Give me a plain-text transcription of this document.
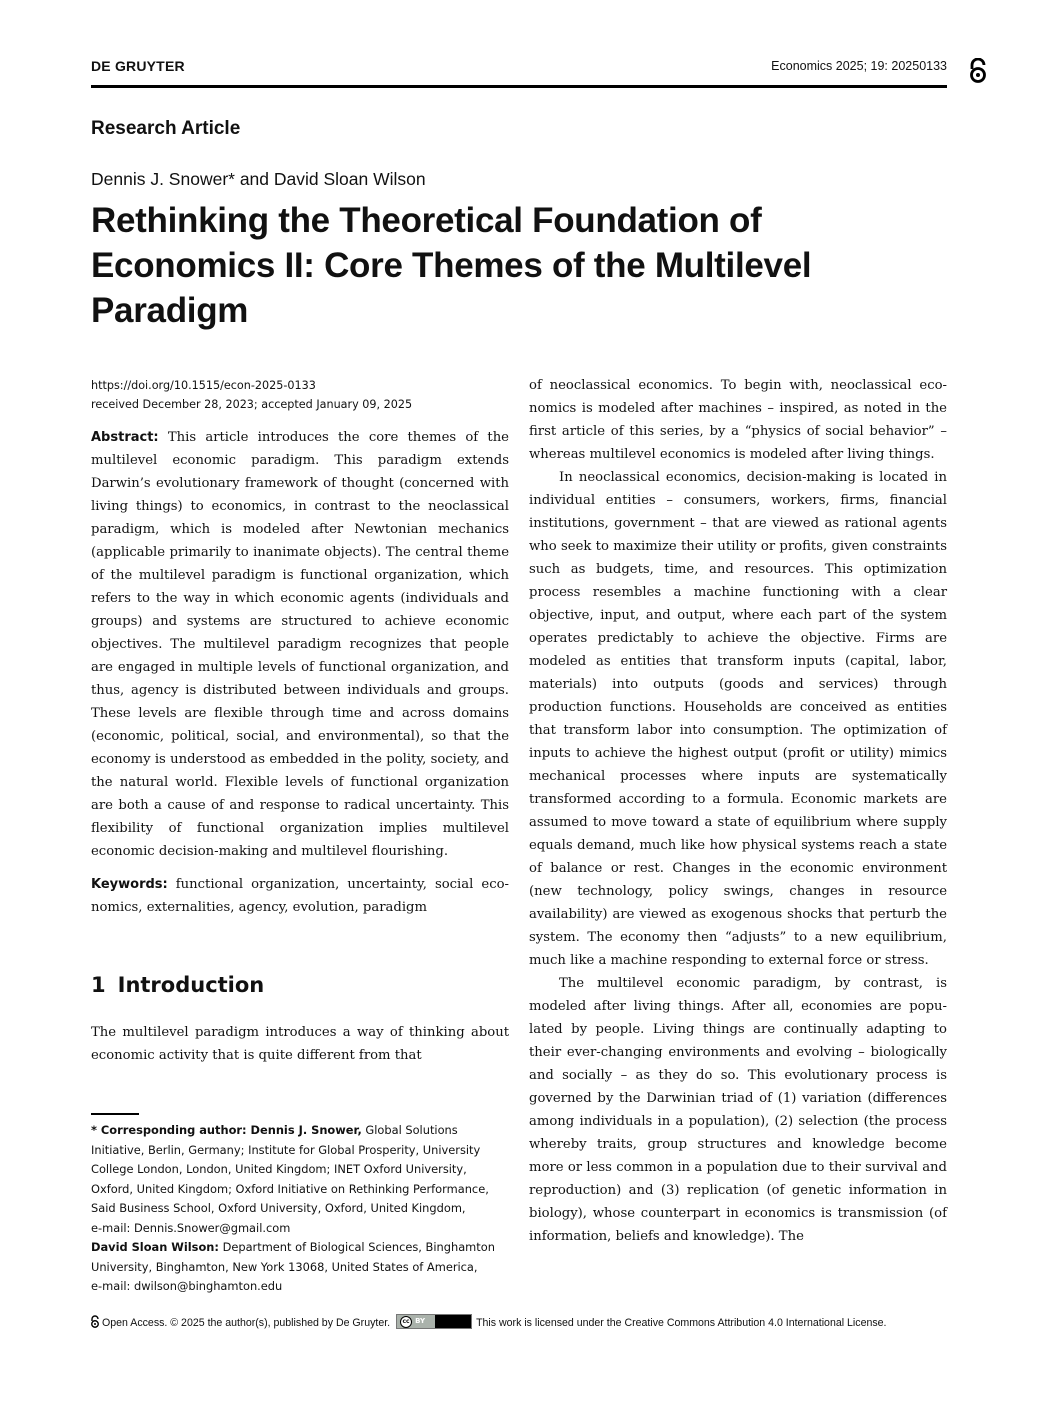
DE GRUYTER	Economics 2025; 19: 20250133
Research Article
Dennis J. Snower* and David Sloan Wilson
Rethinking the Theoretical Foundation of Economics II: Core Themes of the Multilevel Paradigm
https://doi.org/10.1515/econ-2025-0133
received December 28, 2023; accepted January 09, 2025
Abstract: This article introduces the core themes of the multilevel economic paradigm. This paradigm extends Darwin’s evolutionary framework of thought (concerned with living things) to economics, in contrast to the neoclassical paradigm, which is modeled after Newtonian mechanics (applicable primarily to inanimate objects). The central theme of the multilevel paradigm is functional organization, which refers to the way in which economic agents (individuals and groups) and systems are structured to achieve economic objectives. The multilevel paradigm recognizes that people are engaged in multiple levels of functional organization, and thus, agency is distributed between individuals and groups. These levels are flexible through time and across domains (economic, political, social, and environmental), so that the economy is understood as embedded in the polity, society, and the natural world. Flexible levels of functional organization are both a cause of and response to radical uncertainty. This flexibility of functional organization implies multilevel economic decision-making and multilevel flourishing.
Keywords: functional organization, uncertainty, social economics, externalities, agency, evolution, paradigm
1 Introduction

The multilevel paradigm introduces a way of thinking about economic activity that is quite different from that

of neoclassical economics. To begin with, neoclassical economics is modeled after machines – inspired, as noted in the first article of this series, by a “physics of social behavior” – whereas multilevel economics is modeled after living things.

In neoclassical economics, decision-making is located in individual entities – consumers, workers, firms, financial institutions, government – that are viewed as rational agents who seek to maximize their utility or profits, given constraints such as budgets, time, and resources. This optimization process resembles a machine functioning with a clear objective, input, and output, where each part of the system operates predictably to achieve the objective. Firms are modeled as entities that transform inputs (capital, labor, materials) into outputs (goods and services) through production functions. Households are conceived as entities that transform labor into consumption. The optimization of inputs to achieve the highest output (profit or utility) mimics mechanical processes where inputs are systematically transformed according to a formula. Economic markets are assumed to move toward a state of equilibrium where supply equals demand, much like how physical systems reach a state of balance or rest. Changes in the economic environment (new technology, policy swings, changes in resource availability) are viewed as exogenous shocks that perturb the system. The economy then “adjusts” to a new equilibrium, much like a machine responding to external force or stress.

The multilevel economic paradigm, by contrast, is modeled after living things. After all, economies are populated by people. Living things are continually adapting to their ever-changing environments and evolving – biologically and socially – as they do so. This evolutionary process is governed by the Darwinian triad of (1) variation (differences among individuals in a population), (2) selection (the process whereby traits, group structures and knowledge become more or less common in a population due to their survival and reproduction) and (3) replication (of genetic information in biology), whose counterpart in economics is transmission (of information, beliefs and knowledge). The

* Corresponding author: Dennis J. Snower, Global Solutions Initiative, Berlin, Germany; Institute for Global Prosperity, University College London, London, United Kingdom; INET Oxford University, Oxford, United Kingdom; Oxford Initiative on Rethinking Performance, Said Business School, Oxford University, Oxford, United Kingdom,
e-mail: Dennis.Snower@gmail.com
David Sloan Wilson: Department of Biological Sciences, Binghamton University, Binghamton, New York 13068, United States of America,
e-mail: dwilson@binghamton.edu
Open Access. © 2025 the author(s), published by De Gruyter.	cc BY	This work is licensed under the Creative Commons Attribution 4.0 International License.
